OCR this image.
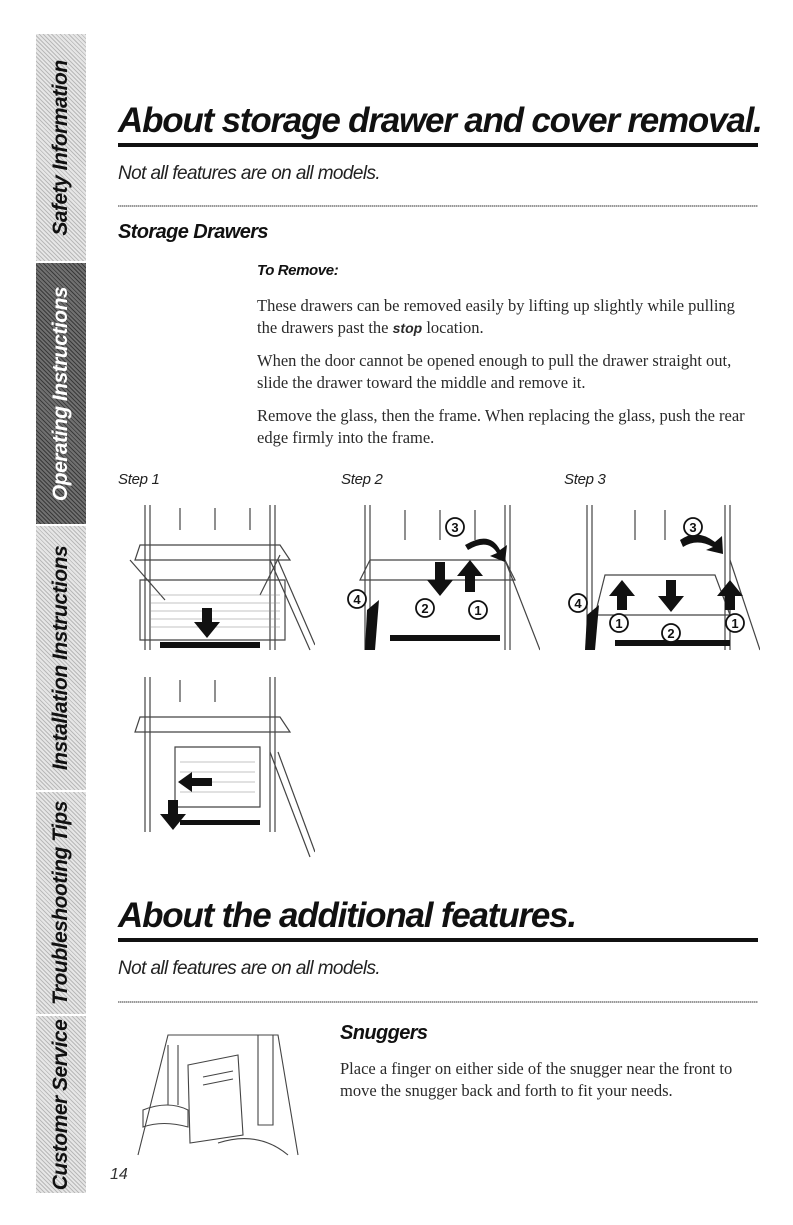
Safety Information
Operating Instructions
Installation Instructions
Troubleshooting Tips
Customer Service
About storage drawer and cover removal.
Not all features are on all models.
Storage Drawers
To Remove:

These drawers can be removed easily by lifting up slightly while pulling the drawers past the stop location.

When the door cannot be opened enough to pull the drawer straight out, slide the drawer toward the middle and remove it.

Remove the glass, then the frame. When replacing the glass, push the rear edge firmly into the frame.

Step 1	Step 2	Step 3
3
2	1
4
3
4
1
2
1
About the additional features.
Not all features are on all models.
Snuggers

Place a finger on either side of the snugger near the front to move the snugger back and forth to fit your needs.

14
